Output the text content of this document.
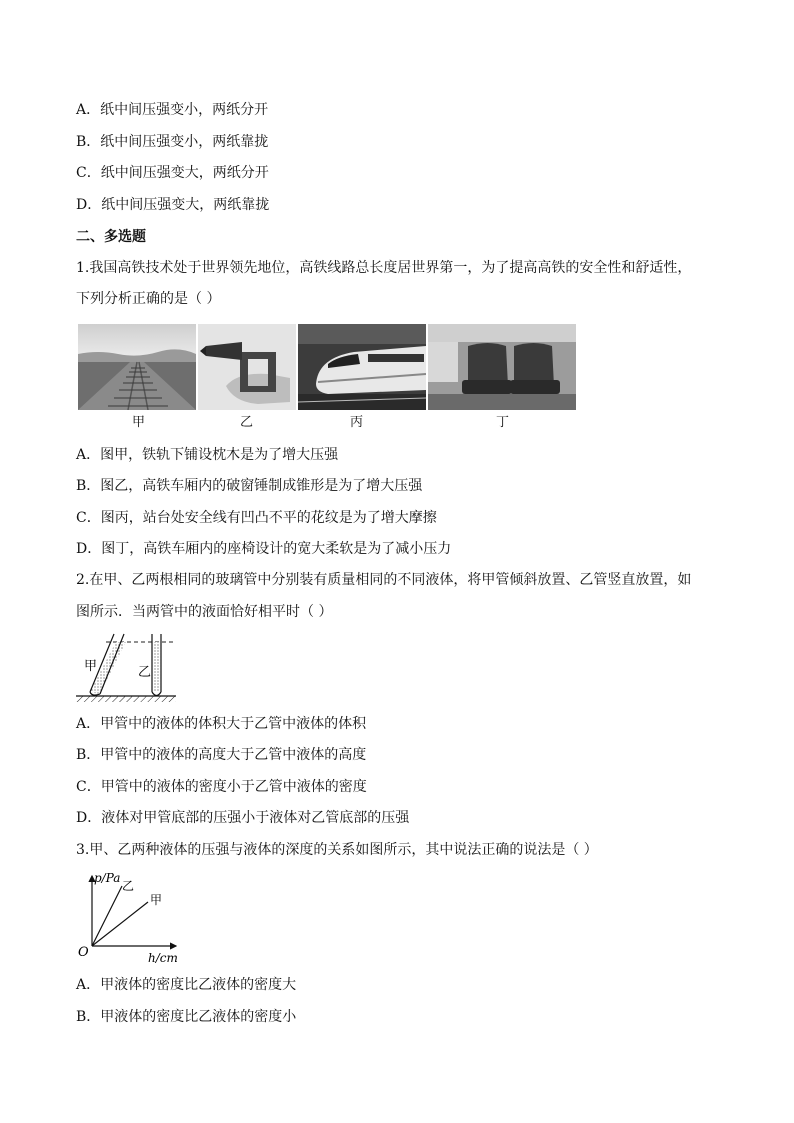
A．纸中间压强变小，两纸分开
B．纸中间压强变小，两纸靠拢
C．纸中间压强变大，两纸分开
D．纸中间压强变大，两纸靠拢
二、多选题
1.我国高铁技术处于世界领先地位，高铁线路总长度居世界第一，为了提高高铁的安全性和舒适性，
下列分析正确的是（ ）
甲	乙	丙	丁
A．图甲，铁轨下铺设枕木是为了增大压强
B．图乙，高铁车厢内的破窗锤制成锥形是为了增大压强
C．图丙，站台处安全线有凹凸不平的花纹是为了增大摩擦
D．图丁，高铁车厢内的座椅设计的宽大柔软是为了减小压力
2.在甲、乙两根相同的玻璃管中分别装有质量相同的不同液体，将甲管倾斜放置、乙管竖直放置，如
图所示．当两管中的液面恰好相平时（ ）
甲	乙
A．甲管中的液体的体积大于乙管中液体的体积
B．甲管中的液体的高度大于乙管中液体的高度
C．甲管中的液体的密度小于乙管中液体的密度
D．液体对甲管底部的压强小于液体对乙管底部的压强
3.甲、乙两种液体的压强与液体的深度的关系如图所示，其中说法正确的说法是（ ）
p/Pa
h/cm
O
乙
甲
A．甲液体的密度比乙液体的密度大
B．甲液体的密度比乙液体的密度小
